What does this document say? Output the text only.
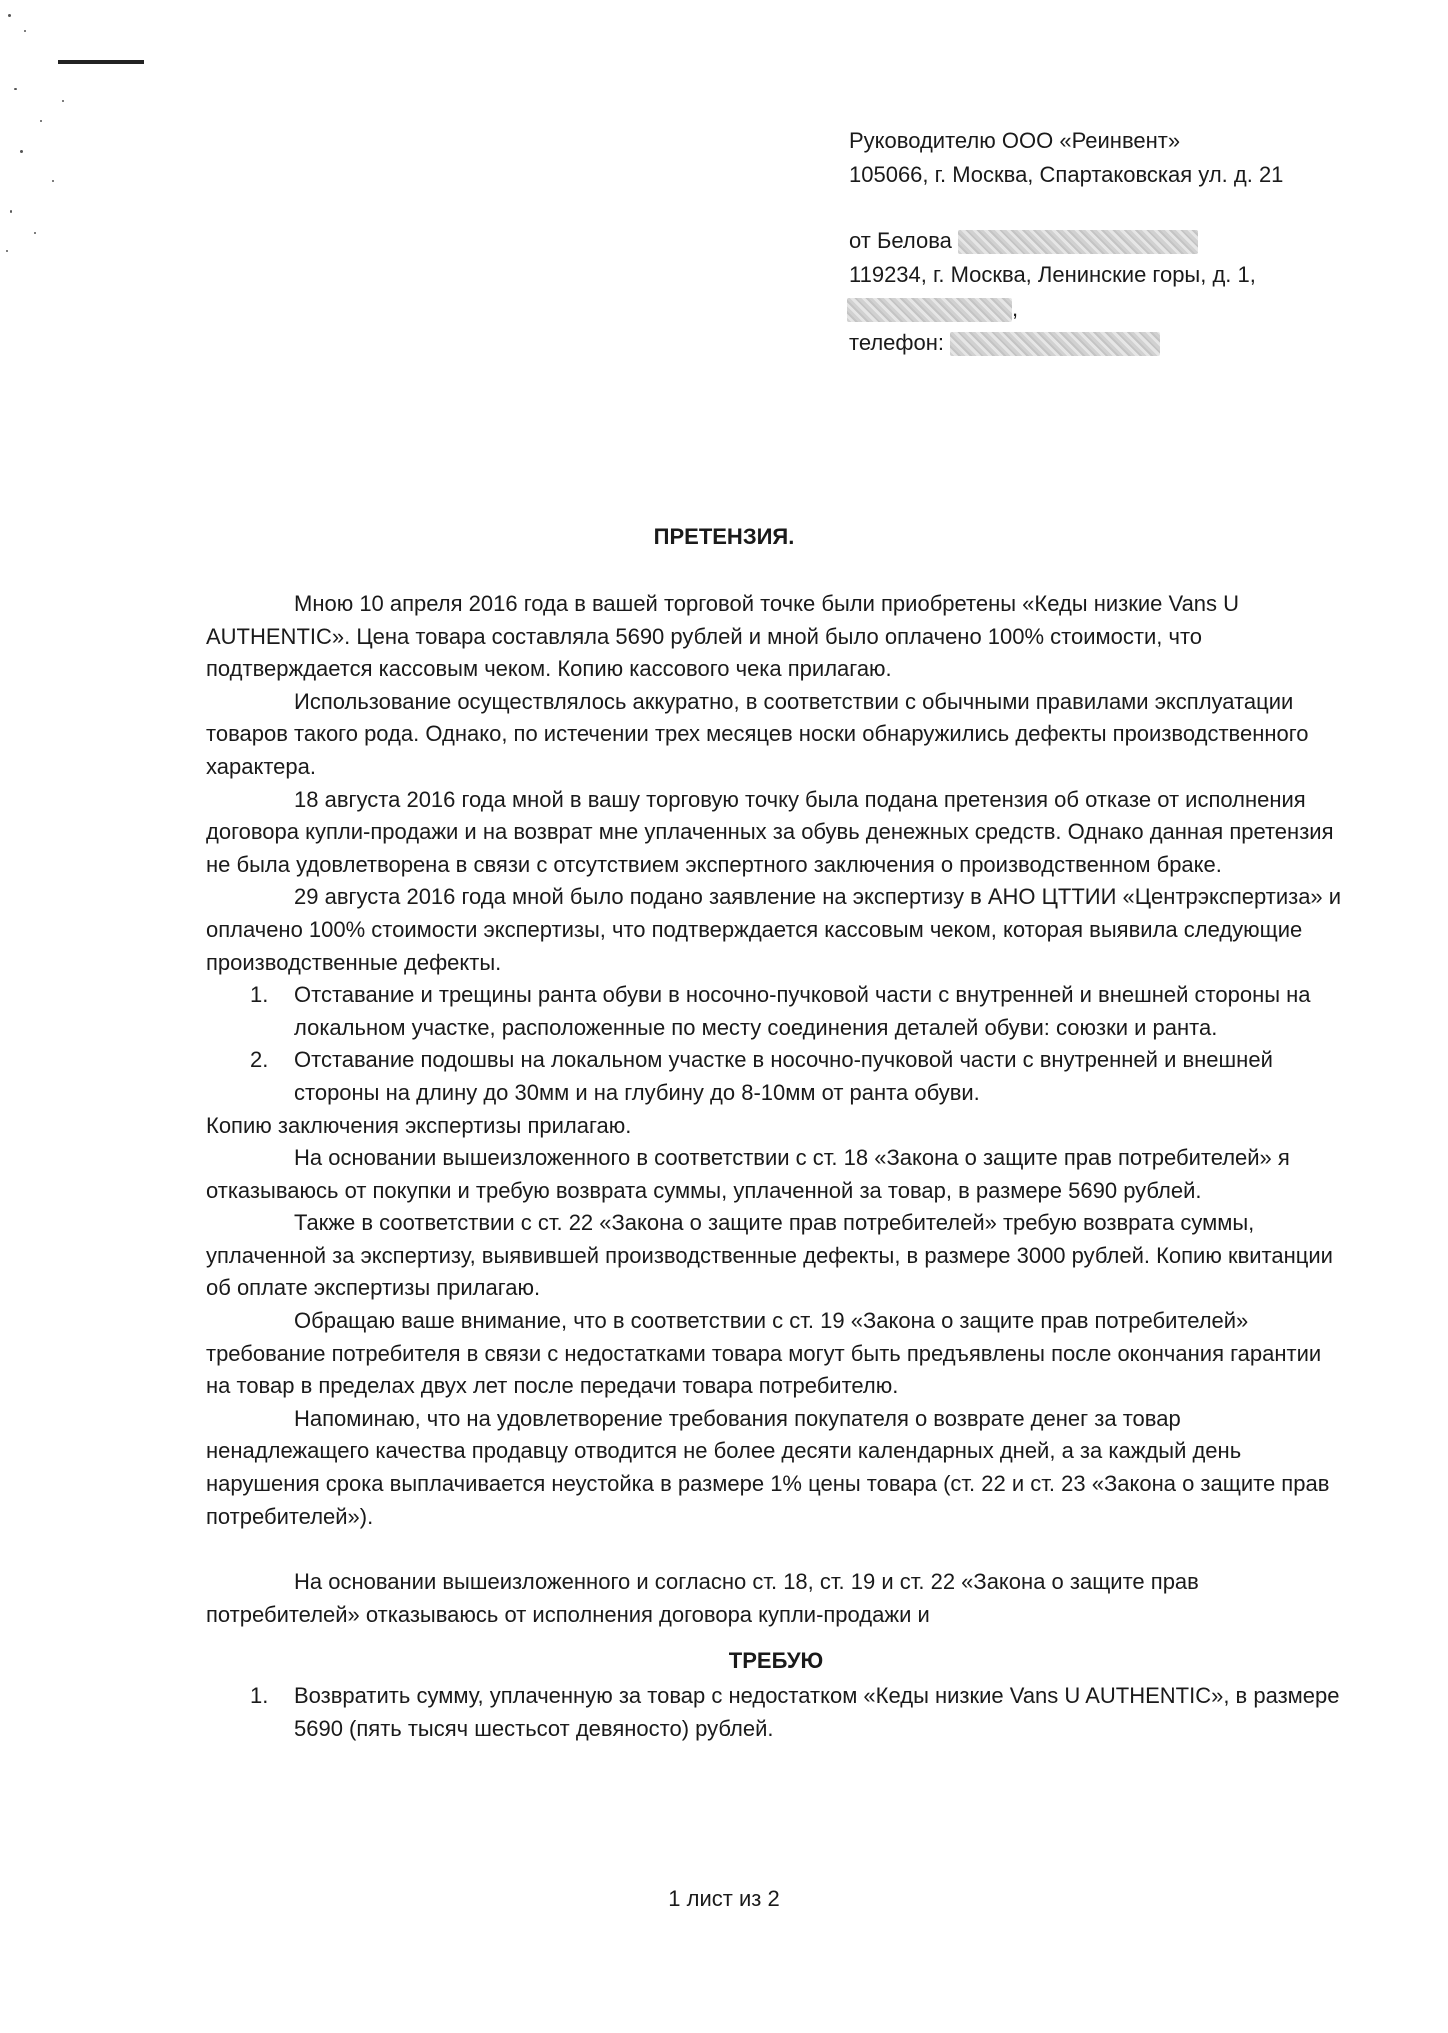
Руководителю ООО «Реинвент»
105066, г. Москва, Спартаковская ул. д. 21
от Белова
119234, г. Москва, Ленинские горы, д. 1,
,
телефон:
ПРЕТЕНЗИЯ.

Мною 10 апреля 2016 года в вашей торговой точке были приобретены «Кеды низкие Vans U AUTHENTIC». Цена товара составляла 5690 рублей и мной было оплачено 100% стоимости, что подтверждается кассовым чеком. Копию кассового чека прилагаю.

Использование осуществлялось аккуратно, в соответствии с обычными правилами эксплуатации товаров такого рода. Однако, по истечении трех месяцев носки обнаружились дефекты производственного характера.

18 августа 2016 года мной в вашу торговую точку была подана претензия об отказе от исполнения договора купли-продажи и на возврат мне уплаченных за обувь денежных средств. Однако данная претензия не была удовлетворена в связи с отсутствием экспертного заключения о производственном браке.

29 августа 2016 года мной было подано заявление на экспертизу в АНО ЦТТИИ «Центрэкспертиза» и оплачено 100% стоимости экспертизы, что подтверждается кассовым чеком, которая выявила следующие производственные дефекты.

1. Отставание и трещины ранта обуви в носочно-пучковой части с внутренней и внешней стороны на локальном участке, расположенные по месту соединения деталей обуви: союзки и ранта.
2. Отставание подошвы на локальном участке в носочно-пучковой части с внутренней и внешней стороны на длину до 30мм и на глубину до 8-10мм от ранта обуви.

Копию заключения экспертизы прилагаю.

На основании вышеизложенного в соответствии с ст. 18 «Закона о защите прав потребителей» я отказываюсь от покупки и требую возврата суммы, уплаченной за товар, в размере 5690 рублей.

Также в соответствии с ст. 22 «Закона о защите прав потребителей» требую возврата суммы, уплаченной за экспертизу, выявившей производственные дефекты, в размере 3000 рублей. Копию квитанции об оплате экспертизы прилагаю.

Обращаю ваше внимание, что в соответствии с ст. 19 «Закона о защите прав потребителей» требование потребителя в связи с недостатками товара могут быть предъявлены после окончания гарантии на товар в пределах двух лет после передачи товара потребителю.

Напоминаю, что на удовлетворение требования покупателя о возврате денег за товар ненадлежащего качества продавцу отводится не более десяти календарных дней, а за каждый день нарушения срока выплачивается неустойка в размере 1% цены товара (ст. 22 и ст. 23 «Закона о защите прав потребителей»).

На основании вышеизложенного и согласно ст. 18, ст. 19 и ст. 22 «Закона о защите прав потребителей» отказываюсь от исполнения договора купли-продажи и

ТРЕБУЮ
1. Возвратить сумму, уплаченную за товар с недостатком «Кеды низкие Vans U AUTHENTIC», в размере 5690 (пять тысяч шестьсот девяносто) рублей.
1 лист из 2
